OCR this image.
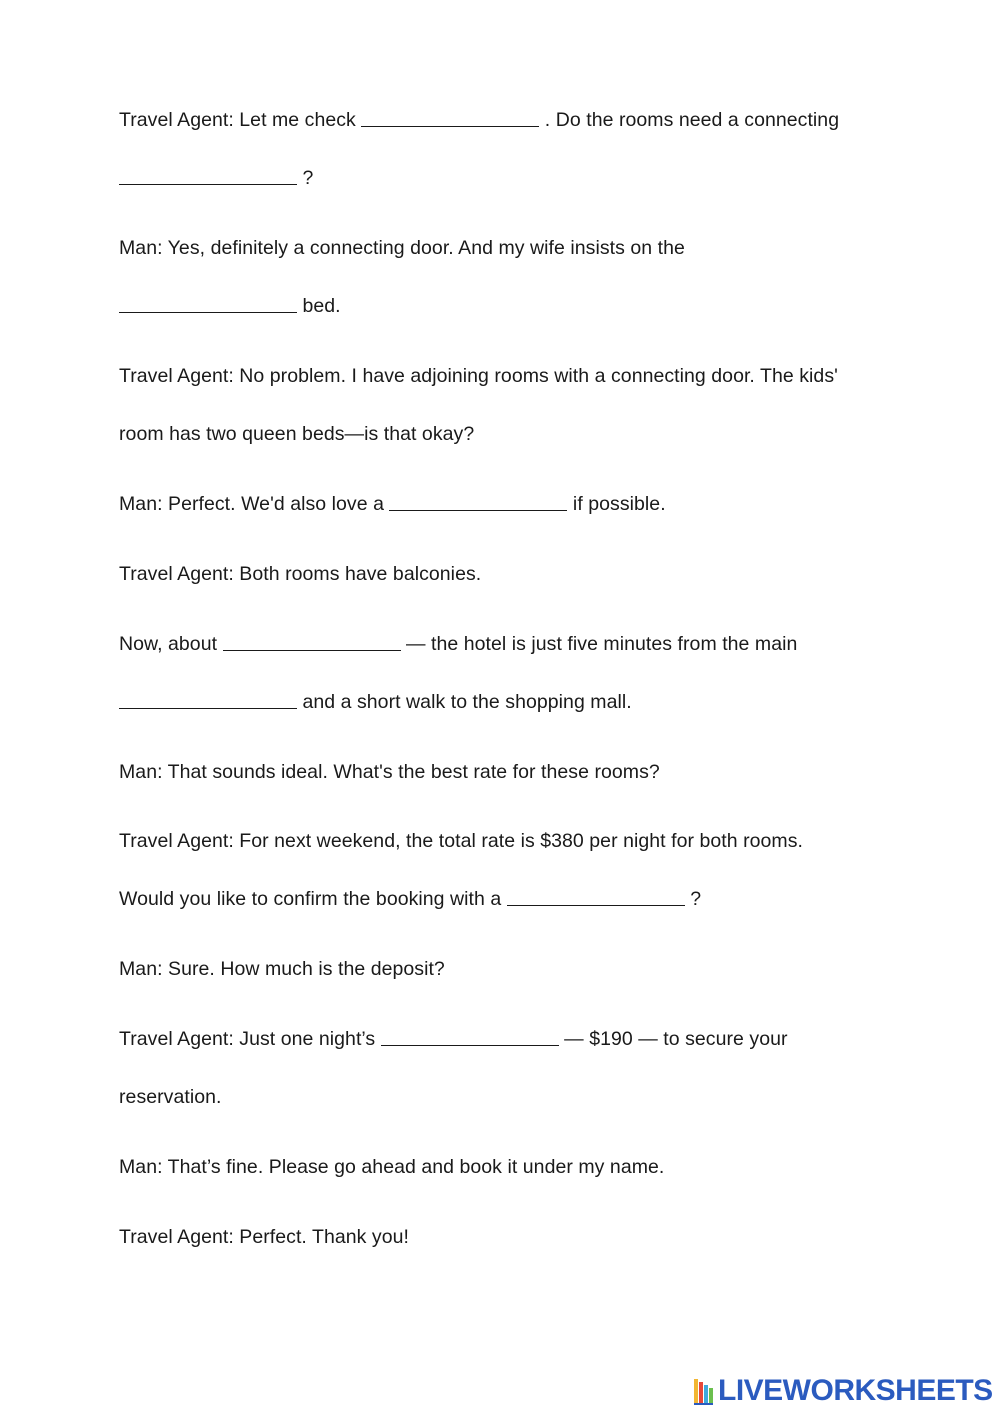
Travel Agent: Let me check	. Do the rooms need a connecting
?
Man: Yes, definitely a connecting door. And my wife insists on the
bed.
Travel Agent: No problem. I have adjoining rooms with a connecting door. The kids'
room has two queen beds—is that okay?
Man: Perfect. We'd also love a	if possible.
Travel Agent: Both rooms have balconies.
Now, about	— the hotel is just five minutes from the main
and a short walk to the shopping mall.
Man: That sounds ideal. What's the best rate for these rooms?
Travel Agent: For next weekend, the total rate is $380 per night for both rooms.
Would you like to confirm the booking with a	?
Man: Sure. How much is the deposit?
Travel Agent: Just one night’s	— $190 — to secure your
reservation.
Man: That’s fine. Please go ahead and book it under my name.
Travel Agent: Perfect. Thank you!
LIVEWORKSHEETS
